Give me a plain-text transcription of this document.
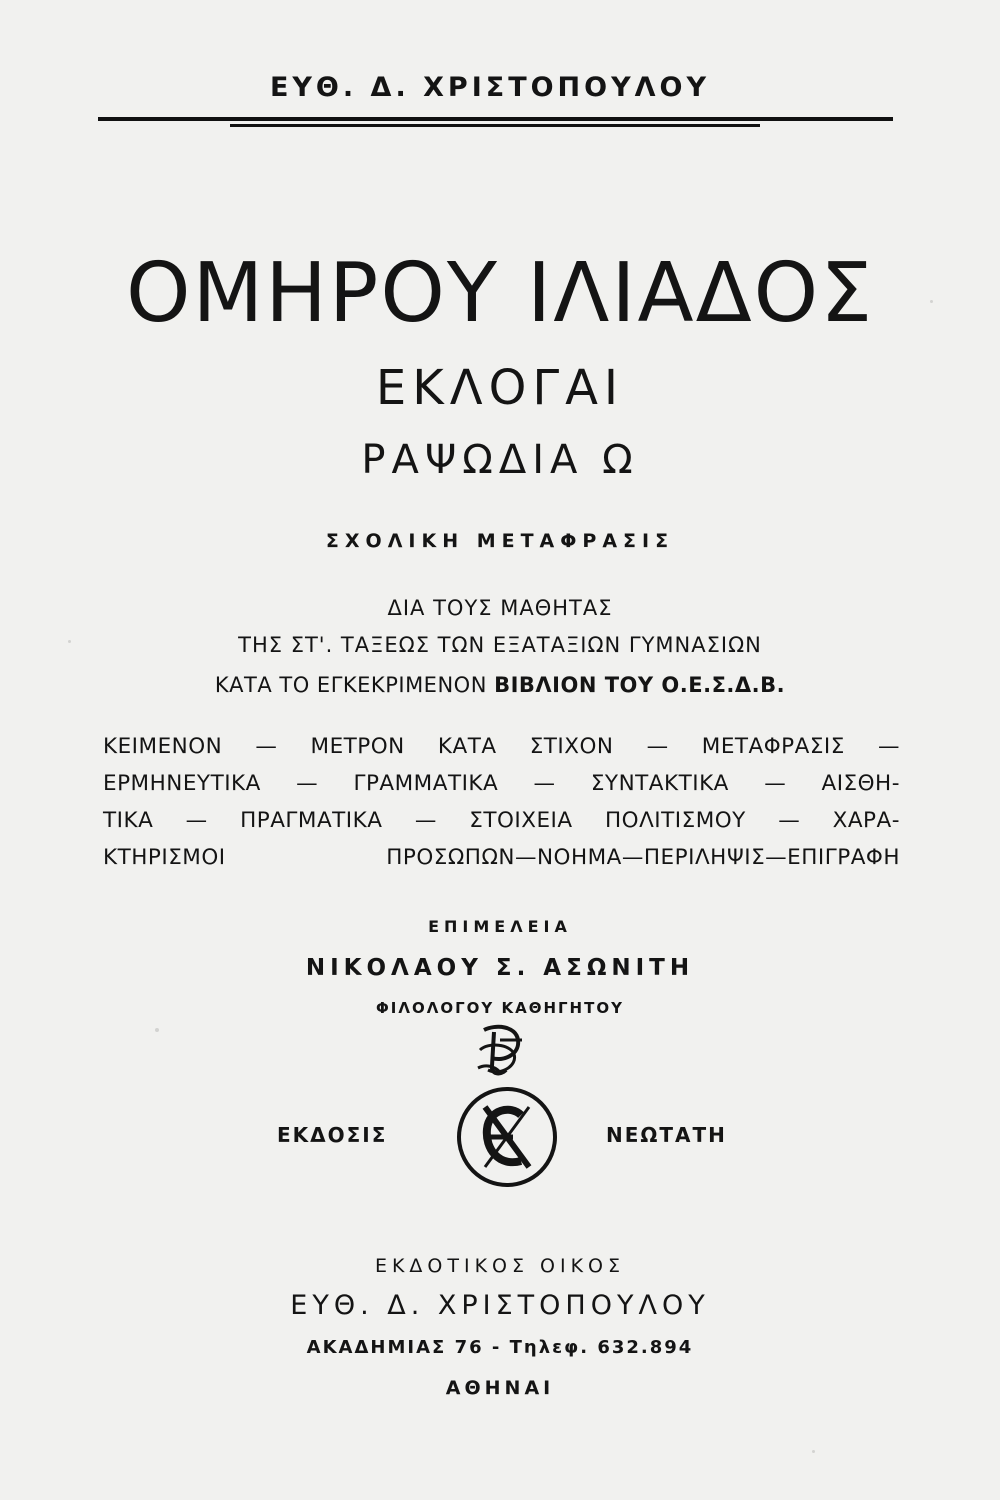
ΕΥΘ. Δ. ΧΡΙΣΤΟΠΟΥΛΟΥ
ΟΜΗΡΟΥ ΙΛΙΑΔΟΣ
ΕΚΛΟΓΑΙ
ΡΑΨΩΔΙΑ Ω
ΣΧΟΛΙΚΗ ΜΕΤΑΦΡΑΣΙΣ
ΔΙΑ ΤΟΥΣ ΜΑΘΗΤΑΣ
ΤΗΣ ΣΤ'. ΤΑΞΕΩΣ ΤΩΝ ΕΞΑΤΑΞΙΩΝ ΓΥΜΝΑΣΙΩΝ
ΚΑΤΑ ΤΟ ΕΓΚΕΚΡΙΜΕΝΟΝ ΒΙΒΛΙΟΝ ΤΟΥ Ο.Ε.Σ.Δ.Β.
ΚΕΙΜΕΝΟΝ — ΜΕΤΡΟΝ ΚΑΤΑ ΣΤΙΧΟΝ — ΜΕΤΑΦΡΑΣΙΣ —
ΕΡΜΗΝΕΥΤΙΚΑ — ΓΡΑΜΜΑΤΙΚΑ — ΣΥΝΤΑΚΤΙΚΑ — ΑΙΣΘΗ-
ΤΙΚΑ — ΠΡΑΓΜΑΤΙΚΑ — ΣΤΟΙΧΕΙΑ ΠΟΛΙΤΙΣΜΟΥ — ΧΑΡΑ-
ΚΤΗΡΙΣΜΟΙ ΠΡΟΣΩΠΩΝ—ΝΟΗΜΑ—ΠΕΡΙΛΗΨΙΣ—ΕΠΙΓΡΑΦΗ
ΕΠΙΜΕΛΕΙΑ
ΝΙΚΟΛΑΟΥ Σ. ΑΣΩΝΙΤΗ
ΦΙΛΟΛΟΓΟΥ ΚΑΘΗΓΗΤΟΥ
ΕΚΔΟΣΙΣ	ΝΕΩΤΑΤΗ
ΕΚΔΟΤΙΚΟΣ ΟΙΚΟΣ
ΕΥΘ. Δ. ΧΡΙΣΤΟΠΟΥΛΟΥ
ΑΚΑΔΗΜΙΑΣ 76 - Τηλεφ. 632.894
ΑΘΗΝΑΙ
